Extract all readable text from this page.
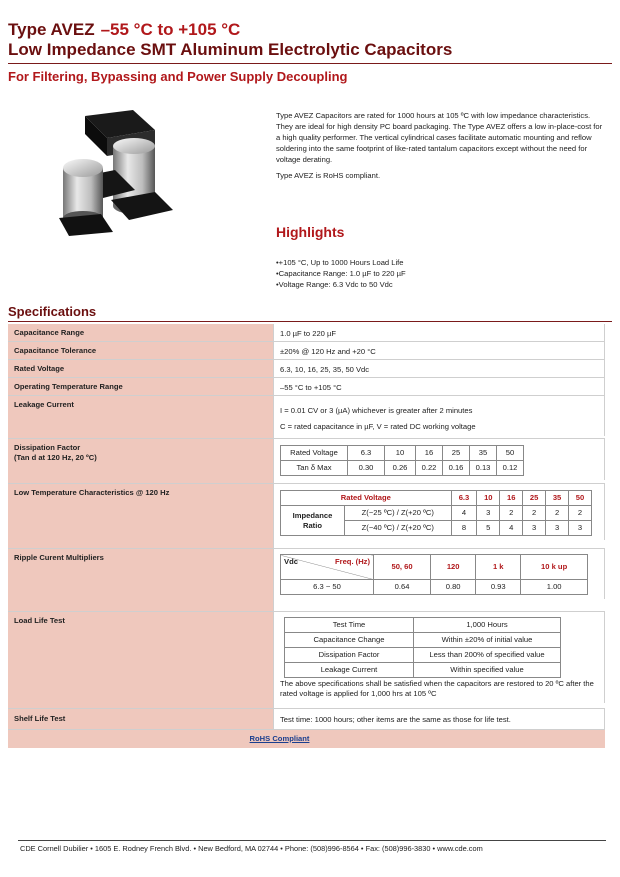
Type AVEZ –55 °C to +105 °C
Low Impedance SMT Aluminum Electrolytic Capacitors
For Filtering, Bypassing and Power Supply Decoupling

Type AVEZ Capacitors are rated for 1000 hours at 105 ºC with low impedance characteristics. They are ideal for high density PC board packaging. The Type AVEZ offers a low in-place-cost for a high quality performer. The vertical cylindrical cases facilitate automatic mounting and reflow soldering into the same footprint of like-rated tantalum capacitors except without the need for voltage derating.

Type AVEZ is RoHS compliant.

Highlights
• +105 °C, Up to 1000 Hours Load Life
• Capacitance Range: 1.0 µF to 220 µF
• Voltage Range: 6.3 Vdc to 50 Vdc
Specifications
Capacitance Range	1.0 µF to 220 µF
Capacitance Tolerance	±20% @ 120 Hz and +20 °C
Rated Voltage	6.3, 10, 16, 25, 35, 50 Vdc
Operating Temperature Range	–55 °C to +105 °C
Leakage Current
I = 0.01 CV or 3 (µA) whichever is greater after 2 minutes
C = rated capacitance in µF, V = rated DC working voltage
Dissipation Factor
(Tan d at 120 Hz, 20 ºC)
Rated Voltage	6.3	10	16	25	35	50
Tan δ Max	0.30	0.26	0.22	0.16	0.13	0.12
Low Temperature Characteristics @ 120 Hz
Rated Voltage		6.3	10	16	25	35	50

Impedance
Ratio	Z(−25 ºC) / Z(+20 ºC)	4	3	2	2	2	2
	Z(−40 ºC) / Z(+20 ºC)	8	5	4	3	3	3
Ripple Curent Multipliers	Vdc Freq. (Hz)	50, 60	120	1 k	10 k up
6.3 ~ 50	0.64	0.80	0.93	1.00
Load Life Test	Test Time	1,000 Hours
Capacitance Change	Within ±20% of initial value
Dissipation Factor	Less than 200% of specified value
Leakage Current	Within specified value
The above specifications shall be satisfied when the capacitors are restored to 20 ºC after the rated voltage is applied for 1,000 hrs at 105 ºC
Shelf Life Test	Test time: 1000 hours; other items are the same as those for life test.
RoHS Compliant
CDE Cornell Dubilier • 1605 E. Rodney French Blvd. • New Bedford, MA 02744 • Phone: (508)996-8564 • Fax: (508)996-3830 • www.cde.com
